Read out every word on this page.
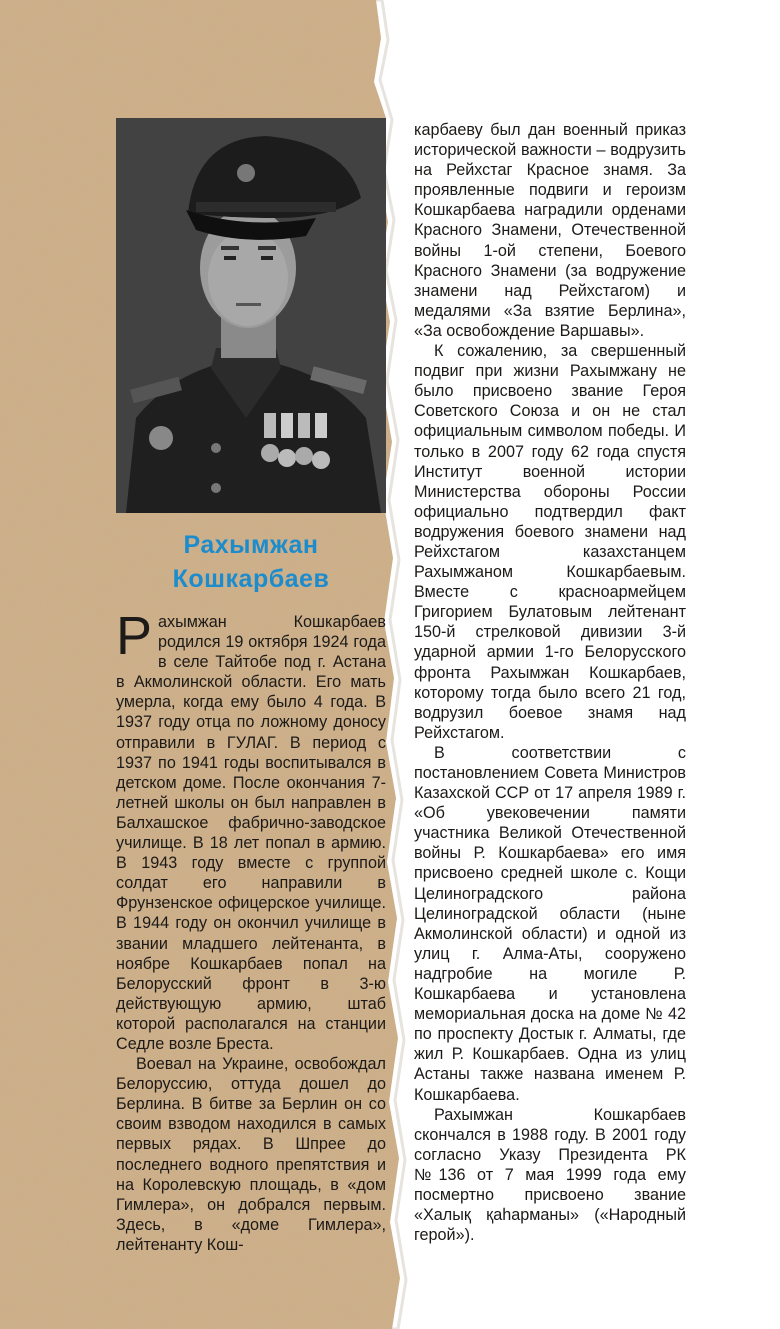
Рахымжан
Кошкарбаев

Рахымжан Кошкарбаев родился 19 октября 1924 года в селе Тайтобе под г. Астана в Акмолинской области. Его мать умерла, когда ему было 4 года. В 1937 году отца по ложному доносу отправили в ГУЛАГ. В период с 1937 по 1941 годы воспитывался в детском доме. После окончания 7-летней школы он был направлен в Балхашское фабрично-заводское училище. В 18 лет попал в армию. В 1943 году вместе с группой солдат его направили в Фрунзенское офицерское училище. В 1944 году он окончил училище в звании младшего лейтенанта, в ноябре Кошкарбаев попал на Белорусский фронт в 3-ю действующую армию, штаб которой располагался на станции Седле возле Бреста.

Воевал на Украине, освобождал Белоруссию, оттуда дошел до Берлина. В битве за Берлин он со своим взводом находился в самых первых рядах. В Шпрее до последнего водного препятствия и на Королевскую площадь, в «дом Гимлера», он добрался первым. Здесь, в «доме Гимлера», лейтенанту Кош-

карбаеву был дан военный приказ исторической важности – водрузить на Рейхстаг Красное знамя. За проявленные подвиги и героизм Кошкарбаева наградили орденами Красного Знамени, Отечественной войны 1-ой степени, Боевого Красного Знамени (за водружение знамени над Рейхстагом) и медалями «За взятие Берлина», «За освобождение Варшавы».

К сожалению, за свершенный подвиг при жизни Рахымжану не было присвоено звание Героя Советского Союза и он не стал официальным символом победы. И только в 2007 году 62 года спустя Институт военной истории Министерства обороны России официально подтвердил факт водружения боевого знамени над Рейхстагом казахстанцем Рахымжаном Кошкарбаевым. Вместе с красноармейцем Григорием Булатовым лейтенант 150-й стрелковой дивизии 3-й ударной армии 1-го Белорусского фронта Рахымжан Кошкарбаев, которому тогда было всего 21 год, водрузил боевое знамя над Рейхстагом.

В соответствии с постановлением Совета Министров Казахской ССР от 17 апреля 1989 г. «Об увековечении памяти участника Великой Отечественной войны Р. Кошкарбаева» его имя присвоено средней школе с. Кощи Целиноградского района Целиноградской области (ныне Акмолинской области) и одной из улиц г. Алма-Аты, сооружено надгробие на могиле Р. Кошкарбаева и установлена мемориальная доска на доме № 42 по проспекту Достык г. Алматы, где жил Р. Кошкарбаев. Одна из улиц Астаны также названа именем Р. Кошкарбаева.

Рахымжан Кошкарбаев скончался в 1988 году. В 2001 году согласно Указу Президента РК №136 от 7 мая 1999 года ему посмертно присвоено звание «Халық қаһарманы» («Народный герой»).
